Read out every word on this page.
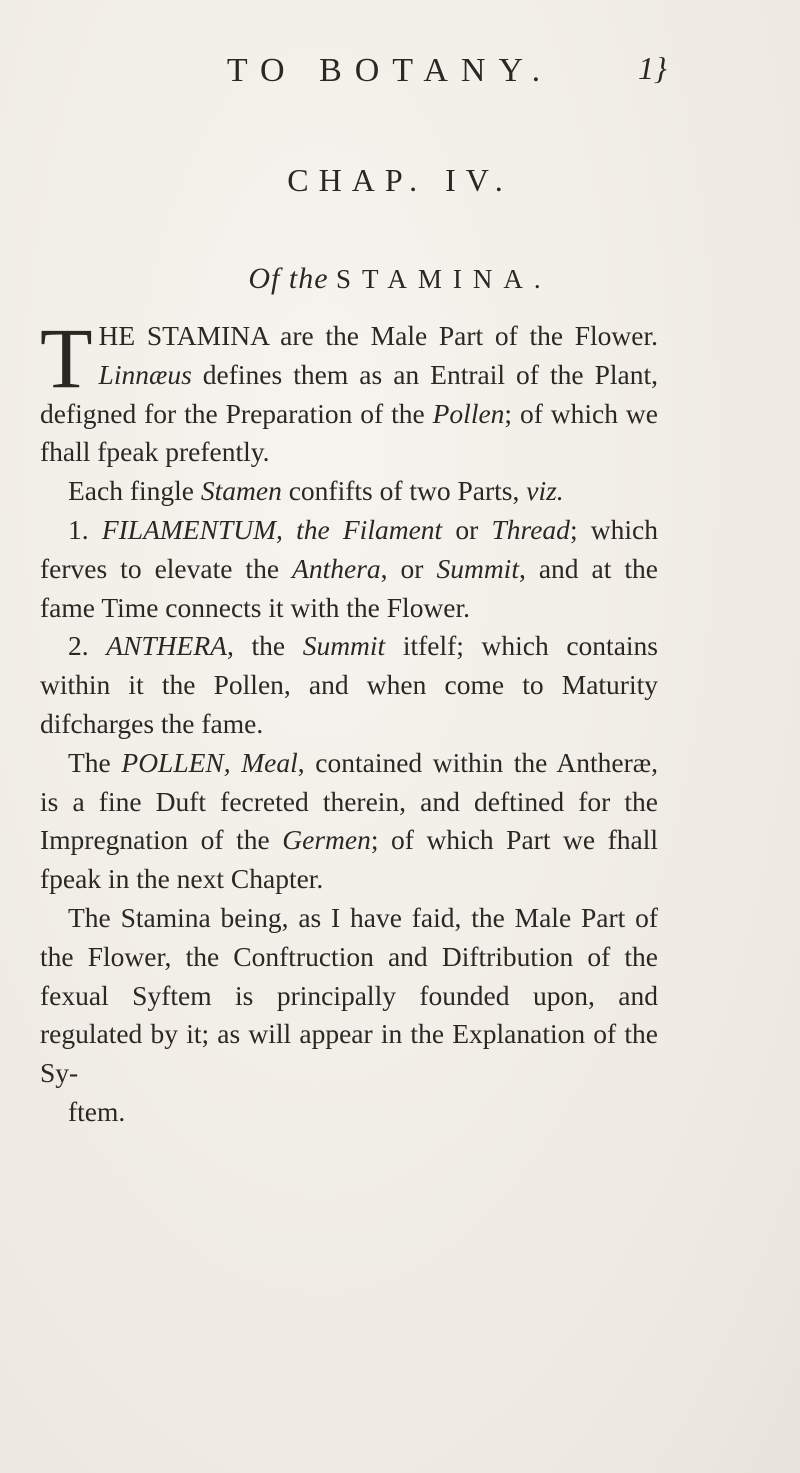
TO BOTANY.	1}
CHAP. IV.
Of the STAMINA.

THE STAMINA are the Male Part of the Flower. Linnæus defines them as an Entrail of the Plant, defigned for the Preparation of the Pollen; of which we fhall fpeak prefently.

Each fingle Stamen confifts of two Parts, viz.

1. FILAMENTUM, the Filament or Thread; which ferves to elevate the Anthera, or Summit, and at the fame Time connects it with the Flower.

2. ANTHERA, the Summit itfelf; which contains within it the Pollen, and when come to Maturity difcharges the fame.

The POLLEN, Meal, contained within the Antheræ, is a fine Duft fecreted therein, and deftined for the Impregnation of the Germen; of which Part we fhall fpeak in the next Chapter.

The Stamina being, as I have faid, the Male Part of the Flower, the Conftruction and Diftribution of the fexual Syftem is principally founded upon, and regulated by it; as will appear in the Explanation of the Sy-

ftem.
